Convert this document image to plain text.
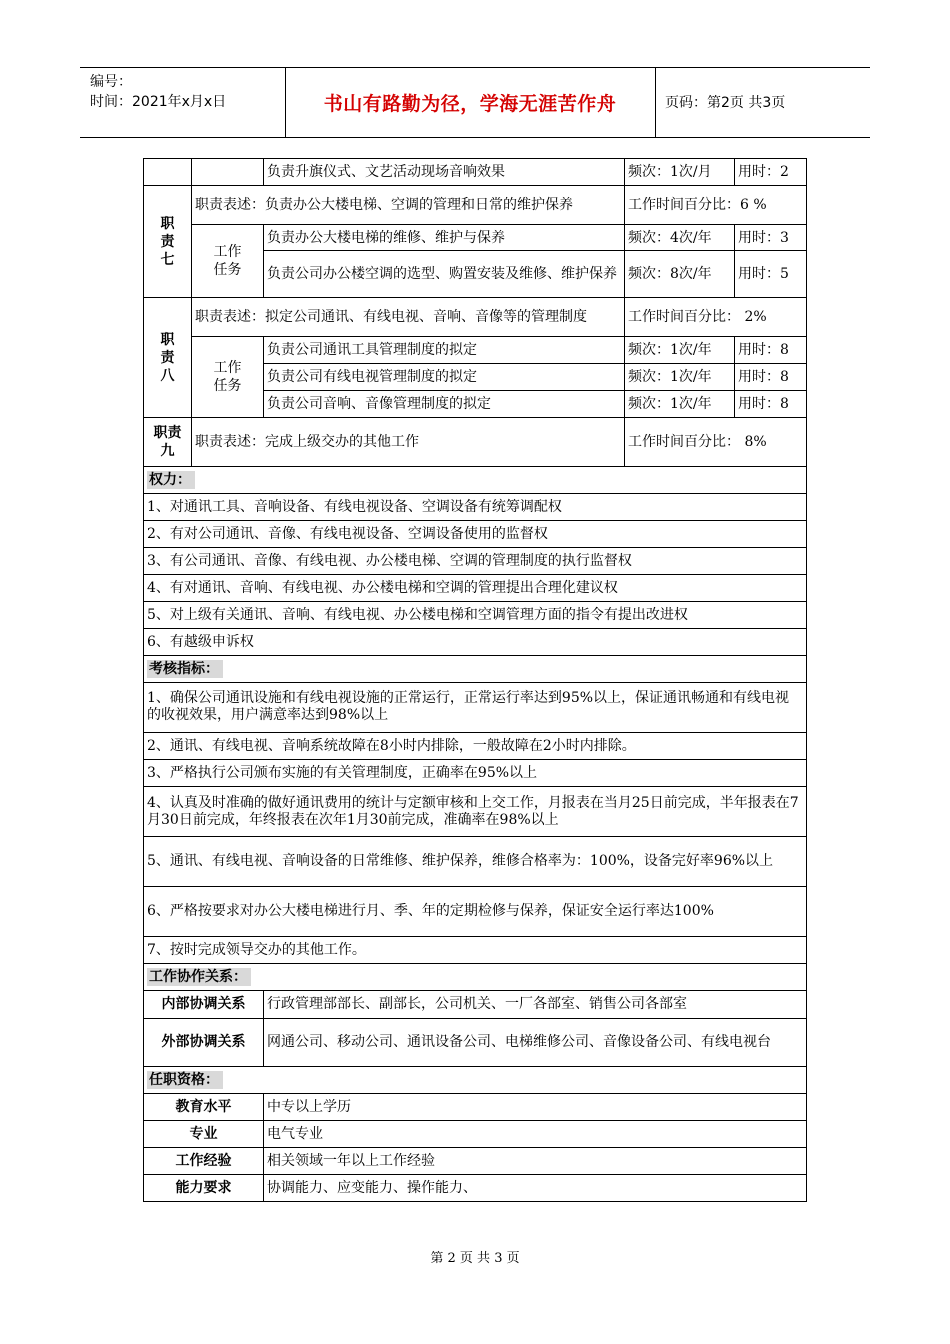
编号：
时间：2021年x月x日	书山有路勤为径，学海无涯苦作舟	页码：第2页 共3页
		负责升旗仪式、文艺活动现场音响效果	频次：1次/月	用时：2
职责七	职责表述：负责办公大楼电梯、空调的管理和日常的维护保养		工作时间百分比：6 %	
	工作任务	负责办公大楼电梯的维修、维护与保养	频次：4次/年	用时：3
		负责公司办公楼空调的选型、购置安装及维修、维护保养	频次：8次/年	用时：5
职责八	职责表述：拟定公司通讯、有线电视、音响、音像等的管理制度		工作时间百分比： 2%	
	工作任务	负责公司通讯工具管理制度的拟定	频次：1次/年	用时：8
		负责公司有线电视管理制度的拟定	频次：1次/年	用时：8
		负责公司音响、音像管理制度的拟定	频次：1次/年	用时：8
职责九	职责表述：完成上级交办的其他工作		工作时间百分比： 8%	
权力：				
1、对通讯工具、音响设备、有线电视设备、空调设备有统筹调配权				
2、有对公司通讯、音像、有线电视设备、空调设备使用的监督权				
3、有公司通讯、音像、有线电视、办公楼电梯、空调的管理制度的执行监督权				
4、有对通讯、音响、有线电视、办公楼电梯和空调的管理提出合理化建议权				
5、对上级有关通讯、音响、有线电视、办公楼电梯和空调管理方面的指令有提出改进权				
6、有越级申诉权				
考核指标：				
1、确保公司通讯设施和有线电视设施的正常运行，正常运行率达到95%以上，保证通讯畅通和有线电视的收视效果，用户满意率达到98%以上				
2、通讯、有线电视、音响系统故障在8小时内排除，一般故障在2小时内排除。				
3、严格执行公司颁布实施的有关管理制度，正确率在95%以上				
4、认真及时准确的做好通讯费用的统计与定额审核和上交工作，月报表在当月25日前完成，半年报表在7月30日前完成，年终报表在次年1月30前完成，准确率在98%以上				
5、通讯、有线电视、音响设备的日常维修、维护保养，维修合格率为：100%，设备完好率96%以上				
6、严格按要求对办公大楼电梯进行月、季、年的定期检修与保养，保证安全运行率达100%				
7、按时完成领导交办的其他工作。				
工作协作关系：				
内部协调关系		行政管理部部长、副部长，公司机关、一厂各部室、销售公司各部室		
外部协调关系		网通公司、移动公司、通讯设备公司、电梯维修公司、音像设备公司、有线电视台		
任职资格：				
教育水平		中专以上学历		
专业		电气专业		
工作经验		相关领域一年以上工作经验		
能力要求		协调能力、应变能力、操作能力、		
第 2 页 共 3 页
